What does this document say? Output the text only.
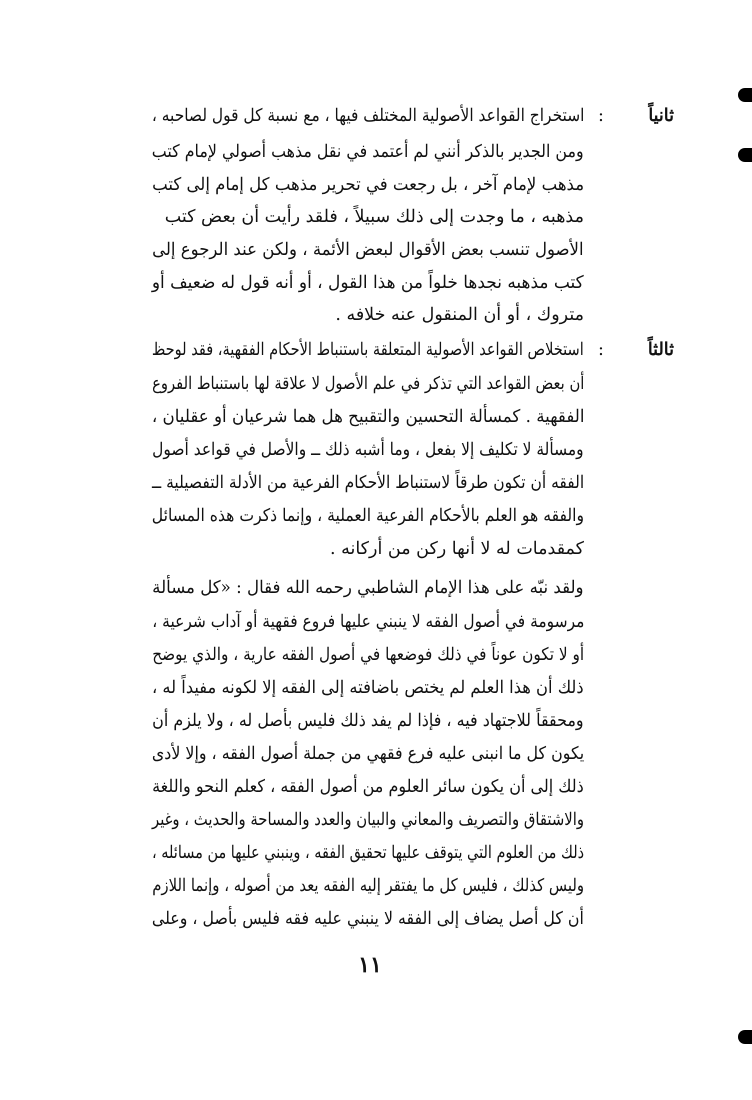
ثانياً
:
استخراج القواعد الأصولية المختلف فيها ، مع نسبة كل قول لصاحبه ،
ومن الجدير بالذكر أنني لم أعتمد في نقل مذهب أصولي لإمام كتب
مذهب لإمام آخر ، بل رجعت في تحرير مذهب كل إمام إلى كتب
مذهبه ، ما وجدت إلى ذلك سبيلاً ، فلقد رأيت أن بعض كتب
الأصول تنسب بعض الأقوال لبعض الأئمة ، ولكن عند الرجوع إلى
كتب مذهبه نجدها خلواً من هذا القول ، أو أنه قول له ضعيف أو
متروك ، أو أن المنقول عنه خلافه .
ثالثاً
:
استخلاص القواعد الأصولية المتعلقة باستنباط الأحكام الفقهية، فقد لوحظ
أن بعض القواعد التي تذكر في علم الأصول لا علاقة لها باستنباط الفروع
الفقهية . كمسألة التحسين والتقبيح هل هما شرعيان أو عقليان ،
ومسألة لا تكليف إلا بفعل ، وما أشبه ذلك ــ والأصل في قواعد أصول
الفقه أن تكون طرقاً لاستنباط الأحكام الفرعية من الأدلة التفصيلية ــ
والفقه هو العلم بالأحكام الفرعية العملية ، وإنما ذكرت هذه المسائل
كمقدمات له لا أنها ركن من أركانه .
ولقد نبّه على هذا الإمام الشاطبي رحمه الله فقال : «كل مسألة
مرسومة في أصول الفقه لا ينبني عليها فروع فقهية أو آداب شرعية ،
أو لا تكون عوناً في ذلك فوضعها في أصول الفقه عارية ، والذي يوضح
ذلك أن هذا العلم لم يختص باضافته إلى الفقه إلا لكونه مفيداً له ،
ومحققاً للاجتهاد فيه ، فإذا لم يفد ذلك فليس بأصل له ، ولا يلزم أن
يكون كل ما انبنى عليه فرع فقهي من جملة أصول الفقه ، وإلا لأدى
ذلك إلى أن يكون سائر العلوم من أصول الفقه ، كعلم النحو واللغة
والاشتقاق والتصريف والمعاني والبيان والعدد والمساحة والحديث ، وغير
ذلك من العلوم التي يتوقف عليها تحقيق الفقه ، وينبني عليها من مسائله ،
وليس كذلك ، فليس كل ما يفتقر إليه الفقه يعد من أصوله ، وإنما اللازم
أن كل أصل يضاف إلى الفقه لا ينبني عليه فقه فليس بأصل ، وعلى
١١
